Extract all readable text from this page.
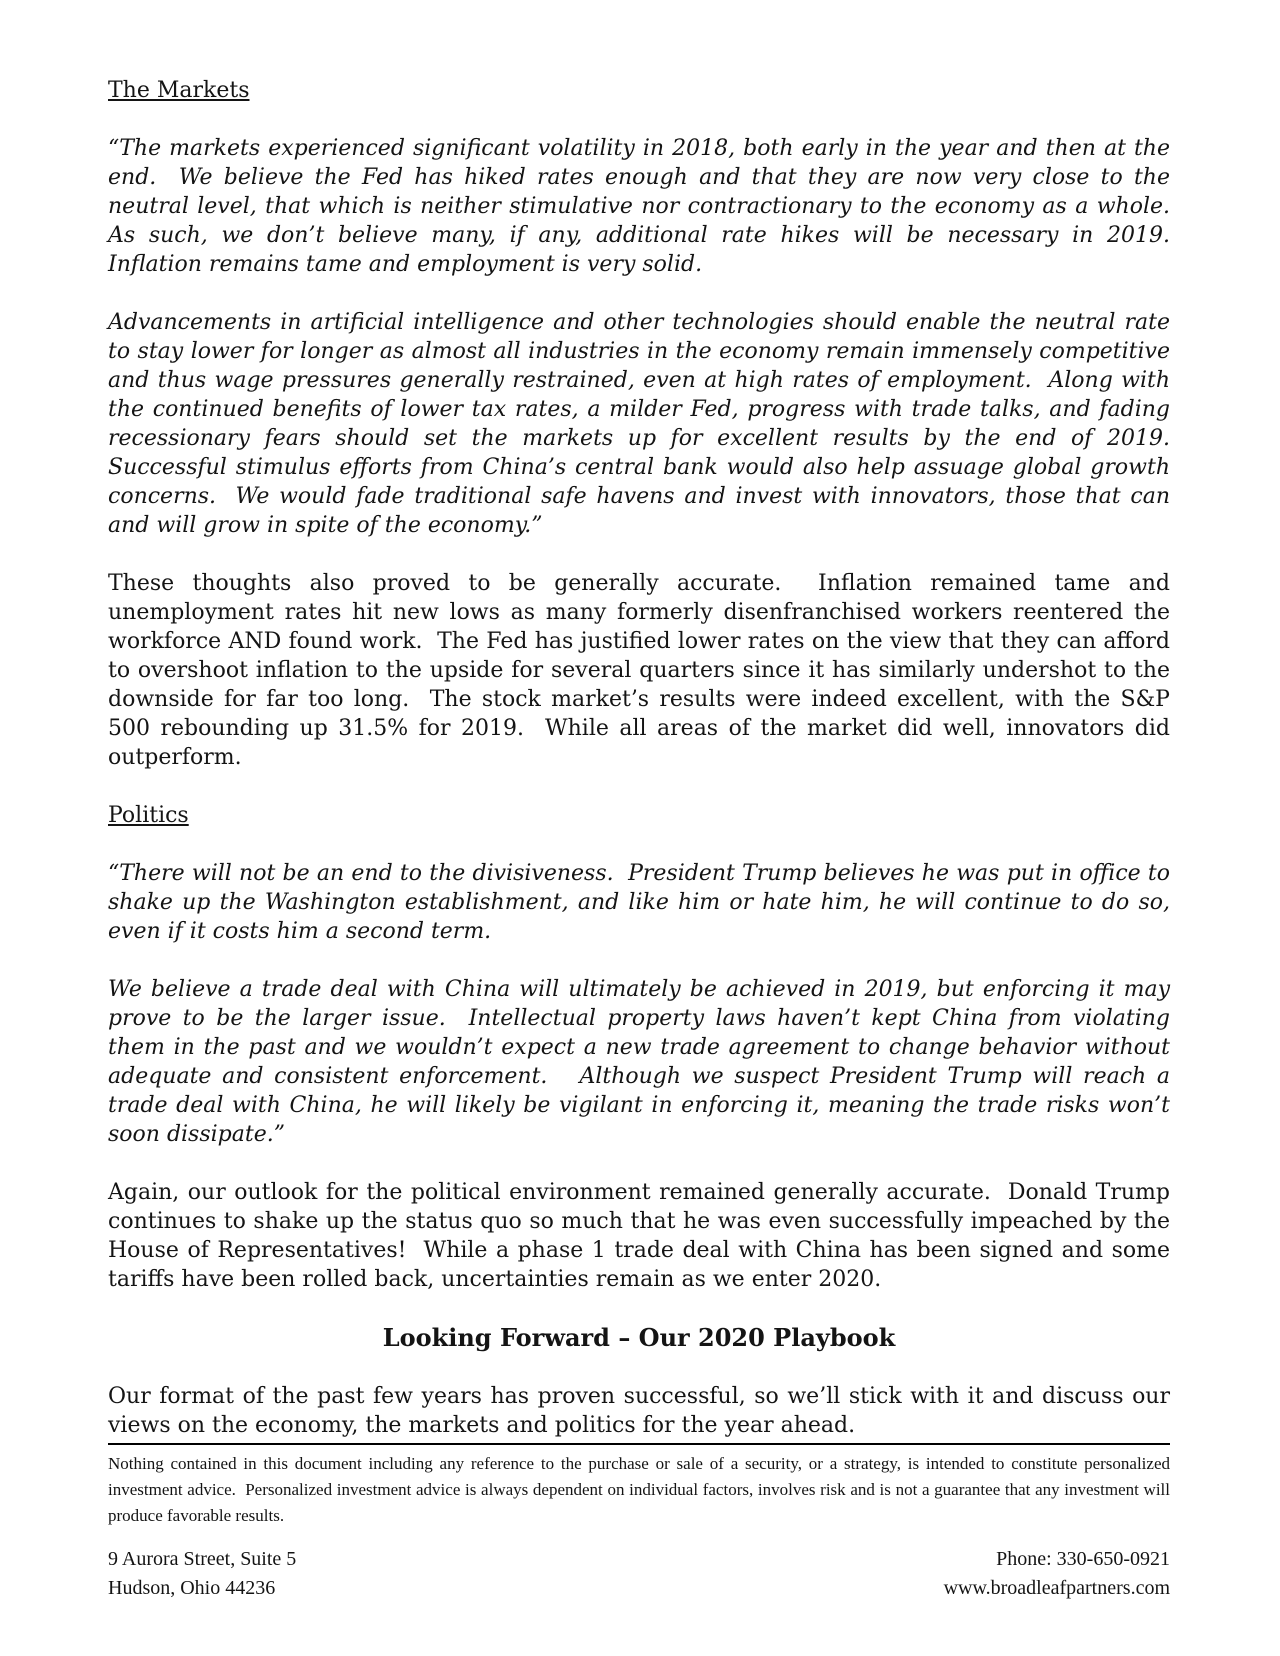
The Markets

“The markets experienced significant volatility in 2018, both early in the year and then at the end.  We believe the Fed has hiked rates enough and that they are now very close to the neutral level, that which is neither stimulative nor contractionary to the economy as a whole.  As such, we don’t believe many, if any, additional rate hikes will be necessary in 2019. Inflation remains tame and employment is very solid.

Advancements in artificial intelligence and other technologies should enable the neutral rate to stay lower for longer as almost all industries in the economy remain immensely competitive and thus wage pressures generally restrained, even at high rates of employment.  Along with the continued benefits of lower tax rates, a milder Fed, progress with trade talks, and fading recessionary fears should set the markets up for excellent results by the end of 2019.  Successful stimulus efforts from China’s central bank would also help assuage global growth concerns.  We would fade traditional safe havens and invest with innovators, those that can and will grow in spite of the economy.”

These thoughts also proved to be generally accurate.  Inflation remained tame and unemployment rates hit new lows as many formerly disenfranchised workers reentered the workforce AND found work.  The Fed has justified lower rates on the view that they can afford to overshoot inflation to the upside for several quarters since it has similarly undershot to the downside for far too long.  The stock market’s results were indeed excellent, with the S&P 500 rebounding up 31.5% for 2019.  While all areas of the market did well, innovators did outperform.

Politics

“There will not be an end to the divisiveness.  President Trump believes he was put in office to shake up the Washington establishment, and like him or hate him, he will continue to do so, even if it costs him a second term.

We believe a trade deal with China will ultimately be achieved in 2019, but enforcing it may prove to be the larger issue.  Intellectual property laws haven’t kept China from violating them in the past and we wouldn’t expect a new trade agreement to change behavior without adequate and consistent enforcement.   Although we suspect President Trump will reach a trade deal with China, he will likely be vigilant in enforcing it, meaning the trade risks won’t soon dissipate.”

Again, our outlook for the political environment remained generally accurate.  Donald Trump continues to shake up the status quo so much that he was even successfully impeached by the House of Representatives!  While a phase 1 trade deal with China has been signed and some tariffs have been rolled back, uncertainties remain as we enter 2020.

Looking Forward – Our 2020 Playbook

Our format of the past few years has proven successful, so we’ll stick with it and discuss our views on the economy, the markets and politics for the year ahead.

Nothing contained in this document including any reference to the purchase or sale of a security, or a strategy, is intended to constitute personalized investment advice.  Personalized investment advice is always dependent on individual factors, involves risk and is not a guarantee that any investment will produce favorable results.

9 Aurora Street, Suite 5
Hudson, Ohio 44236
Phone: 330-650-0921
www.broadleafpartners.com
